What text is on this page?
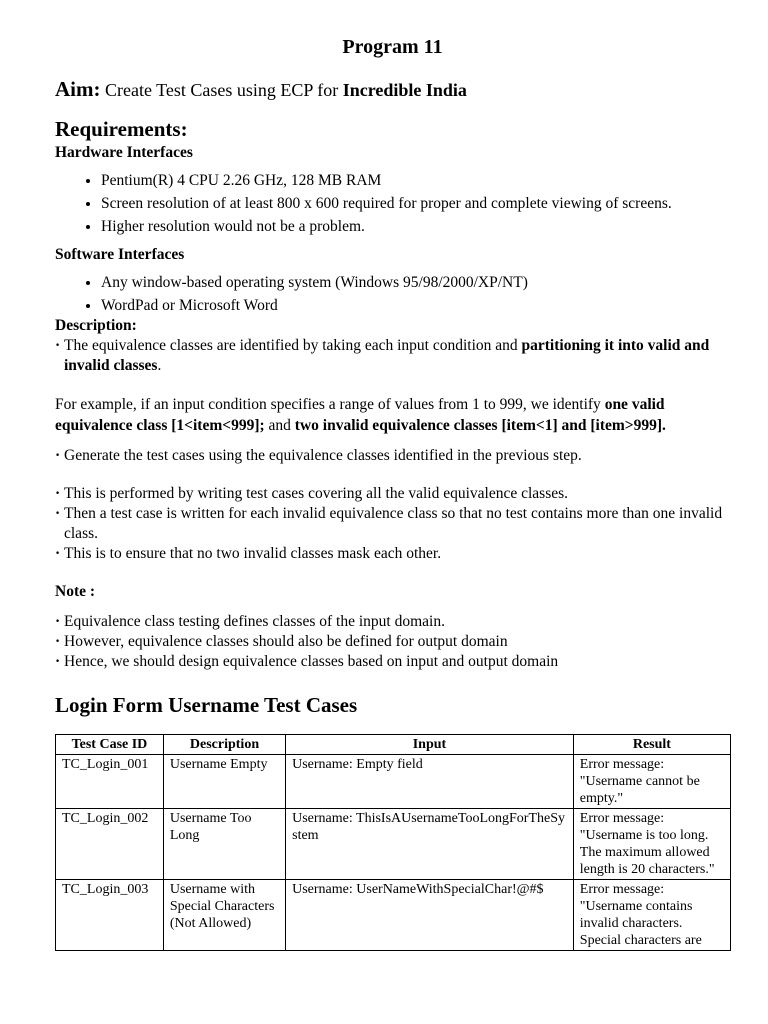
Program 11
Aim: Create Test Cases using ECP for Incredible India
Requirements:
Hardware Interfaces
• Pentium(R) 4 CPU 2.26 GHz, 128 MB RAM
• Screen resolution of at least 800 x 600 required for proper and complete viewing of screens.
• Higher resolution would not be a problem.
Software Interfaces
• Any window-based operating system (Windows 95/98/2000/XP/NT)
• WordPad or Microsoft Word
Description:
· The equivalence classes are identified by taking each input condition and partitioning it into valid and invalid classes.

For example, if an input condition specifies a range of values from 1 to 999, we identify one valid equivalence class [1<item<999]; and two invalid equivalence classes [item<1] and [item>999].

· Generate the test cases using the equivalence classes identified in the previous step.
· This is performed by writing test cases covering all the valid equivalence classes.
· Then a test case is written for each invalid equivalence class so that no test contains more than one invalid class.
· This is to ensure that no two invalid classes mask each other.
Note :
· Equivalence class testing defines classes of the input domain.
· However, equivalence classes should also be defined for output domain
· Hence, we should design equivalence classes based on input and output domain
Login Form Username Test Cases
Test Case ID	Description	Input	Result
TC_Login_001	Username Empty	Username: Empty field	Error message: "Username cannot be empty."
TC_Login_002	Username Too Long	Username: ThisIsAUsernameTooLongForTheSystem	Error message: "Username is too long. The maximum allowed length is 20 characters."
TC_Login_003	Username with Special Characters (Not Allowed)	Username: UserNameWithSpecialChar!@#$	Error message: "Username contains invalid characters. Special characters are
